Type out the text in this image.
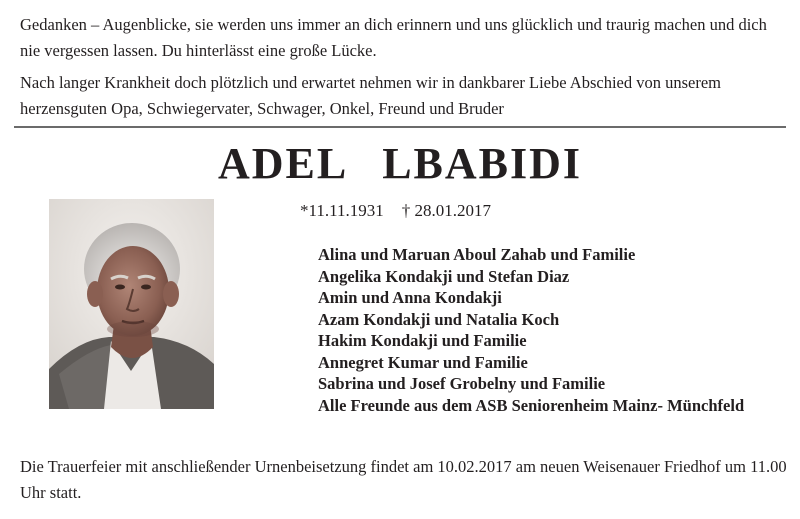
Gedanken – Augenblicke, sie werden uns immer an dich erinnern und uns glücklich und traurig machen und dich nie vergessen lassen. Du hinterlässt eine große Lücke.

Nach langer Krankheit doch plötzlich und erwartet nehmen wir in dankbarer Liebe Abschied von unserem herzensguten Opa, Schwiegervater, Schwager, Onkel, Freund und Bruder

ADEL LBABIDI
*11.11.1931 † 28.01.2017
Alina und Maruan Aboul Zahab und Familie
Angelika Kondakji und Stefan Diaz
Amin und Anna Kondakji
Azam Kondakji und Natalia Koch
Hakim Kondakji und Familie
Annegret Kumar und Familie
Sabrina und Josef Grobelny und Familie
Alle Freunde aus dem ASB Seniorenheim Mainz- Münchfeld
Die Trauerfeier mit anschließender Urnenbeisetzung findet am 10.02.2017 am neuen Weisenauer Friedhof um 11.00 Uhr statt.
